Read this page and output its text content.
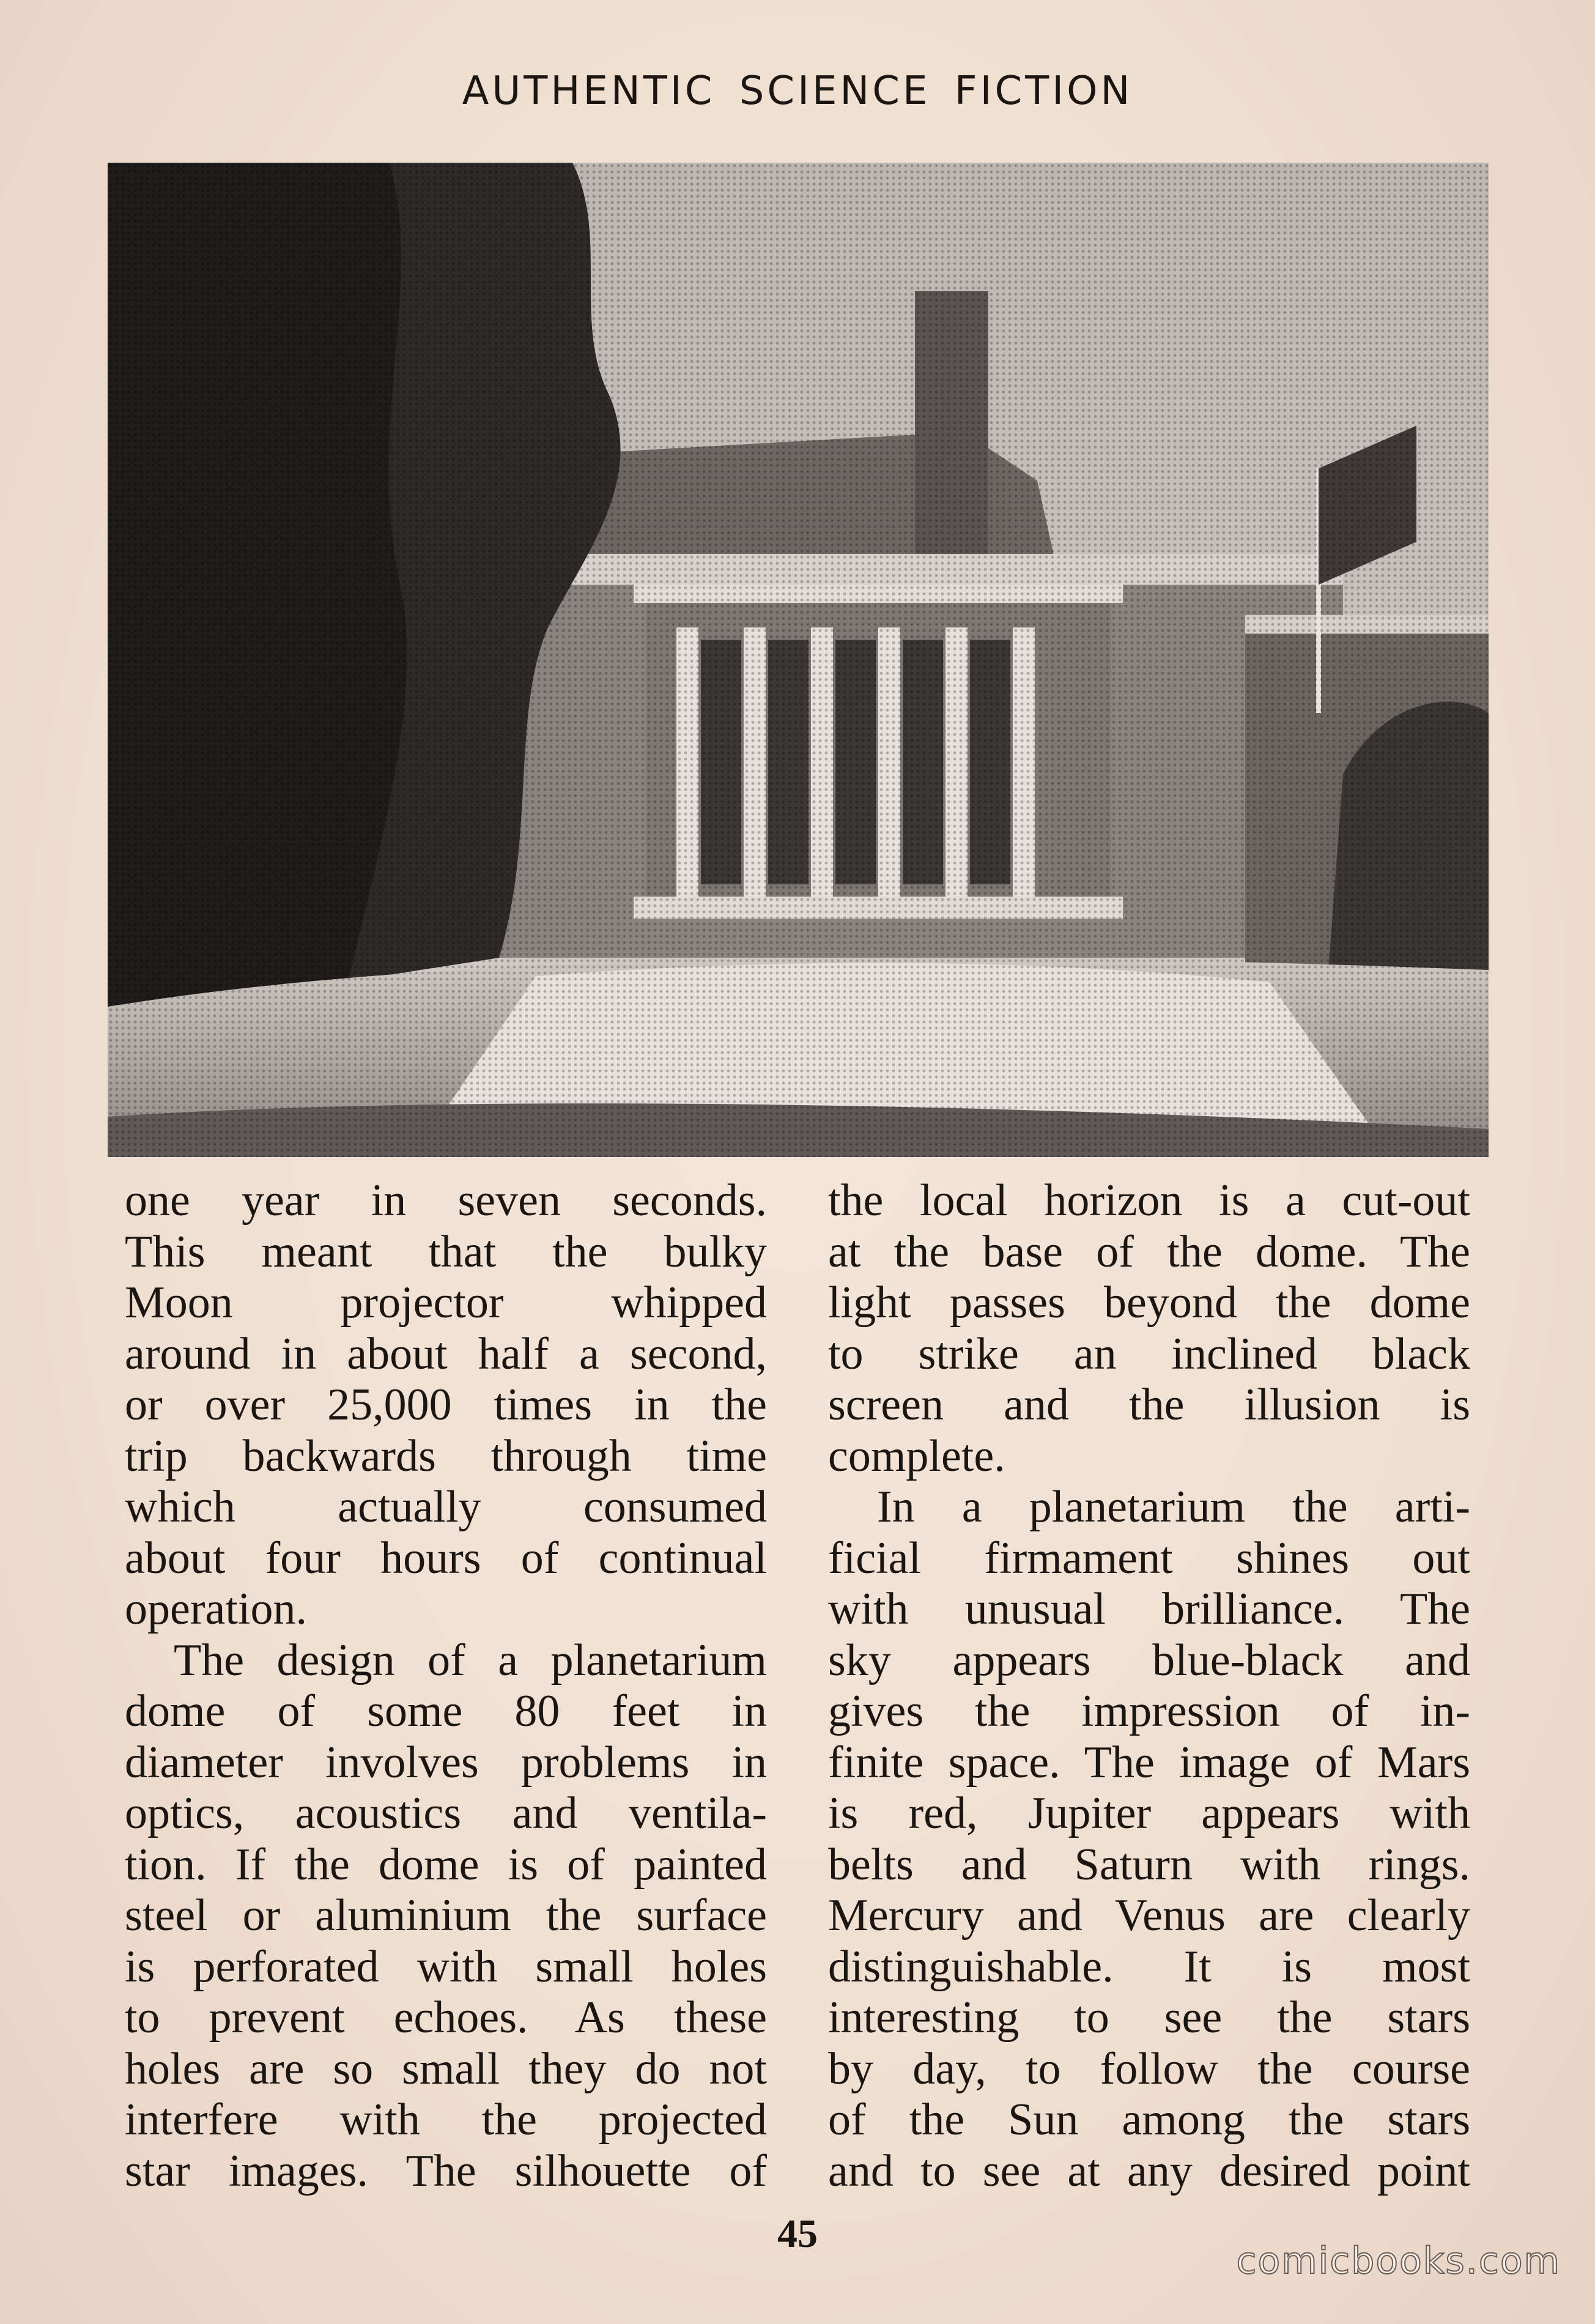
AUTHENTIC SCIENCE FICTION
one year in seven seconds.
This meant that the bulky
Moon projector whipped
around in about half a second,
or over 25,000 times in the
trip backwards through time
which actually consumed
about four hours of continual
operation.
The design of a planetarium
dome of some 80 feet in
diameter involves problems in
optics, acoustics and ventila-
tion. If the dome is of painted
steel or aluminium the surface
is perforated with small holes
to prevent echoes. As these
holes are so small they do not
interfere with the projected
star images. The silhouette of
the local horizon is a cut-out
at the base of the dome. The
light passes beyond the dome
to strike an inclined black
screen and the illusion is
complete.
In a planetarium the arti-
ficial firmament shines out
with unusual brilliance. The
sky appears blue-black and
gives the impression of in-
finite space. The image of Mars
is red, Jupiter appears with
belts and Saturn with rings.
Mercury and Venus are clearly
distinguishable. It is most
interesting to see the stars
by day, to follow the course
of the Sun among the stars
and to see at any desired point
45
comicbooks.com
